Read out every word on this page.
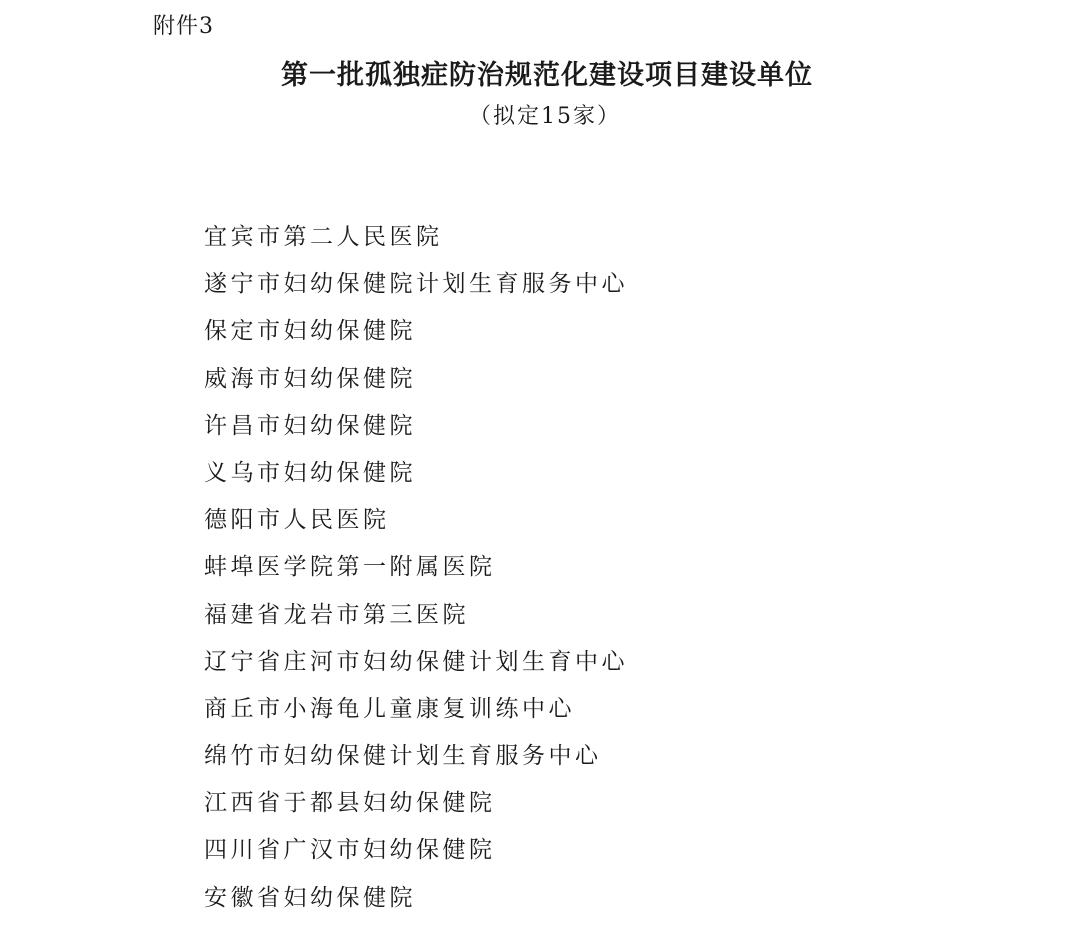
附件3
第一批孤独症防治规范化建设项目建设单位
（拟定15家）
宜宾市第二人民医院
遂宁市妇幼保健院计划生育服务中心
保定市妇幼保健院
威海市妇幼保健院
许昌市妇幼保健院
义乌市妇幼保健院
德阳市人民医院
蚌埠医学院第一附属医院
福建省龙岩市第三医院
辽宁省庄河市妇幼保健计划生育中心
商丘市小海龟儿童康复训练中心
绵竹市妇幼保健计划生育服务中心
江西省于都县妇幼保健院
四川省广汉市妇幼保健院
安徽省妇幼保健院
